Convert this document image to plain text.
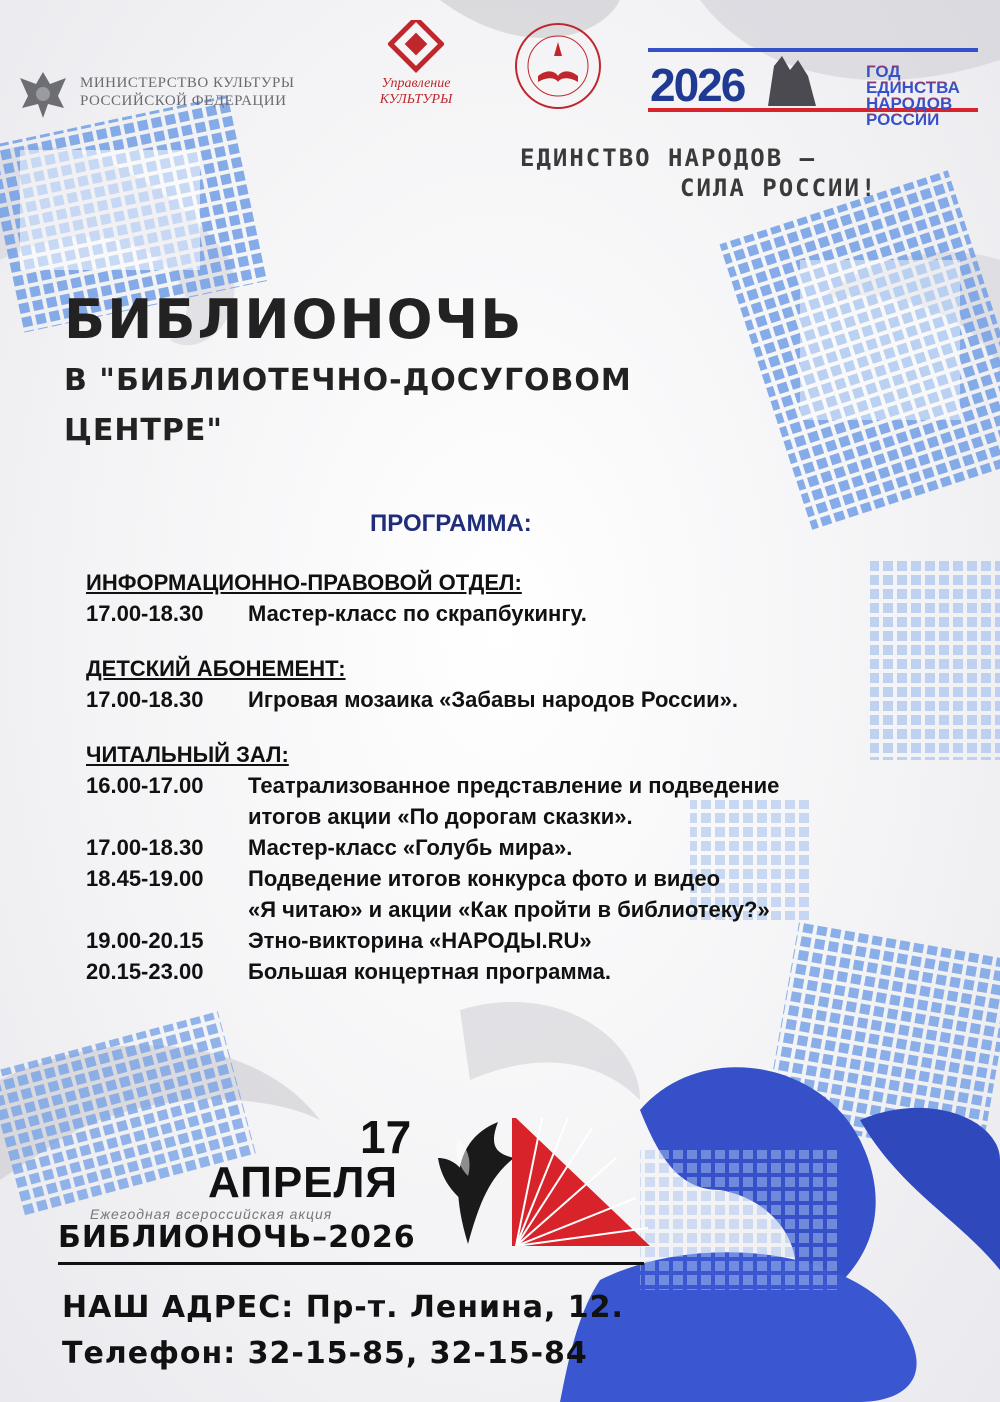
МИНИСТЕРСТВО КУЛЬТУРЫ
РОССИЙСКОЙ ФЕДЕРАЦИИ
Управление
КУЛЬТУРЫ	2026	ГОД
ЕДИНСТВА
НАРОДОВ
РОССИИ

ЕДИНСТВО НАРОДОВ —
СИЛА РОССИИ!
БИБЛИОНОЧЬ
В "БИБЛИОТЕЧНО-ДОСУГОВОМ
ЦЕНТРЕ"
ПРОГРАММА:
ИНФОРМАЦИОННО-ПРАВОВОЙ ОТДЕЛ:
17.00-18.30	Мастер-класс по скрапбукингу.
ДЕТСКИЙ АБОНЕМЕНТ:
17.00-18.30	Игровая мозаика «Забавы народов России».
ЧИТАЛЬНЫЙ ЗАЛ:
16.00-17.00	Театрализованное представление и подведение
итогов акции «По дорогам сказки».
17.00-18.30	Мастер-класс «Голубь мира».
18.45-19.00	Подведение итогов конкурса фото и видео
«Я читаю» и акции «Как пройти в библиотеку?»
19.00-20.15	Этно-викторина «НАРОДЫ.RU»
20.15-23.00	Большая концертная программа.
17
АПРЕЛЯ
Ежегодная всероссийская акция
БИБЛИОНОЧЬ–2026
НАШ АДРЕС: Пр-т. Ленина, 12.
Телефон: 32-15-85, 32-15-84
